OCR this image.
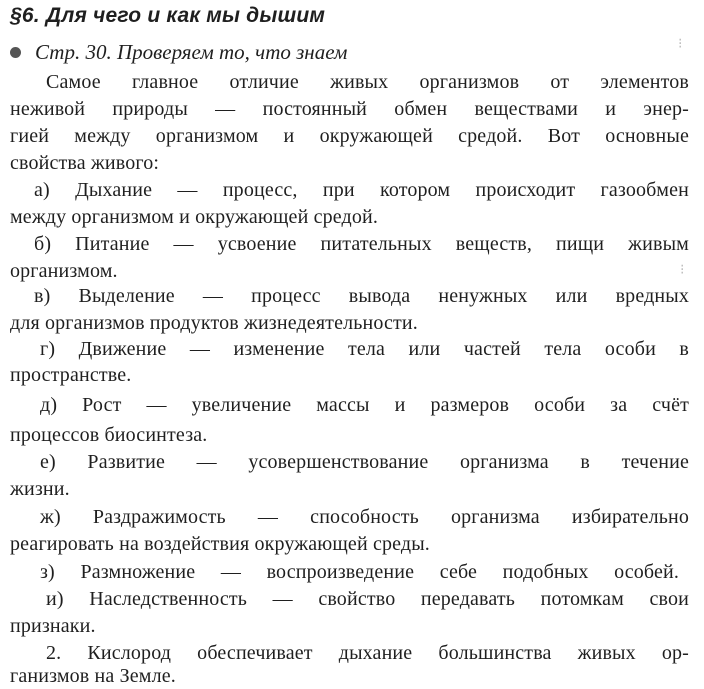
§6. Для чего и как мы дышим
Стр. 30. Проверяем то, что знаем
Самое главное отличие живых организмов от элементов
неживой природы — постоянный обмен веществами и энер-
гией между организмом и окружающей средой. Вот основные
свойства живого:
а) Дыхание — процесс, при котором происходит газообмен
между организмом и окружающей средой.
б) Питание — усвоение питательных веществ, пищи живым
организмом.
в) Выделение — процесс вывода ненужных или вредных
для организмов продуктов жизнедеятельности.
г) Движение — изменение тела или частей тела особи в
пространстве.
д) Рост — увеличение массы и размеров особи за счёт
процессов биосинтеза.
е) Развитие — усовершенствование организма в течение
жизни.
ж) Раздражимость — способность организма избирательно
реагировать на воздействия окружающей среды.
з) Размножение — воспроизведение себе подобных особей.
и) Наследственность — свойство передавать потомкам свои
признаки.
2. Кислород обеспечивает дыхание большинства живых ор-
ганизмов на Земле.
⁝
⁝
